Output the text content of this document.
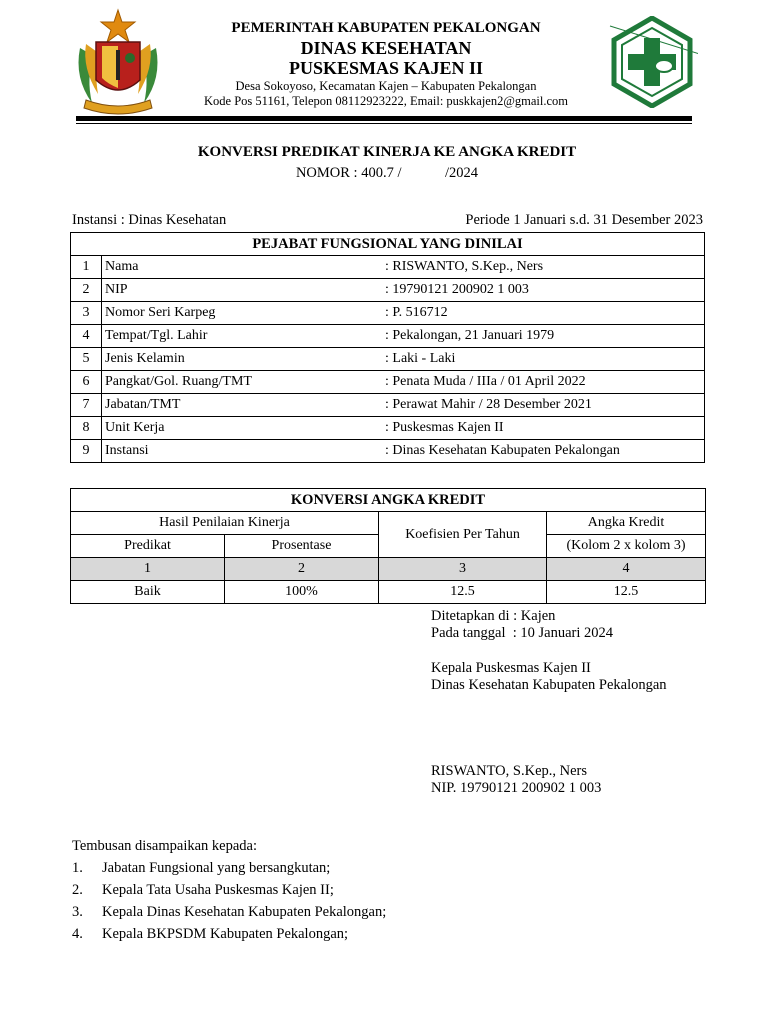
PEMERINTAH KABUPATEN PEKALONGAN
DINAS KESEHATAN
PUSKESMAS KAJEN II
Desa Sokoyoso, Kecamatan Kajen – Kabupaten Pekalongan
Kode Pos 51161, Telepon 08112923222, Email: puskkajen2@gmail.com
KONVERSI PREDIKAT KINERJA KE ANGKA KREDIT
NOMOR : 400.7 /            /2024
Instansi : Dinas Kesehatan	Periode 1 Januari s.d. 31 Desember 2023
PEJABAT FUNGSIONAL YANG DINILAI		
1	Nama	: RISWANTO, S.Kep., Ners
2	NIP	: 19790121 200902 1 003
3	Nomor Seri Karpeg	: P. 516712
4	Tempat/Tgl. Lahir	: Pekalongan, 21 Januari 1979
5	Jenis Kelamin	: Laki - Laki
6	Pangkat/Gol. Ruang/TMT	: Penata Muda / IIIa / 01 April 2022
7	Jabatan/TMT	: Perawat Mahir / 28 Desember 2021
8	Unit Kerja	: Puskesmas Kajen II
9	Instansi	: Dinas Kesehatan Kabupaten Pekalongan
KONVERSI ANGKA KREDIT			
Hasil Penilaian Kinerja		Koefisien Per Tahun	Angka Kredit
Predikat	Prosentase		(Kolom 2 x kolom 3)
1	2	3	4
Baik	100%	12.5	12.5
Ditetapkan di : Kajen
Pada tanggal  : 10 Januari 2024
Kepala Puskesmas Kajen II
Dinas Kesehatan Kabupaten Pekalongan
RISWANTO, S.Kep., Ners
NIP. 19790121 200902 1 003
Tembusan disampaikan kepada:
1. Jabatan Fungsional yang bersangkutan;
2. Kepala Tata Usaha Puskesmas Kajen II;
3. Kepala Dinas Kesehatan Kabupaten Pekalongan;
4. Kepala BKPSDM Kabupaten Pekalongan;
